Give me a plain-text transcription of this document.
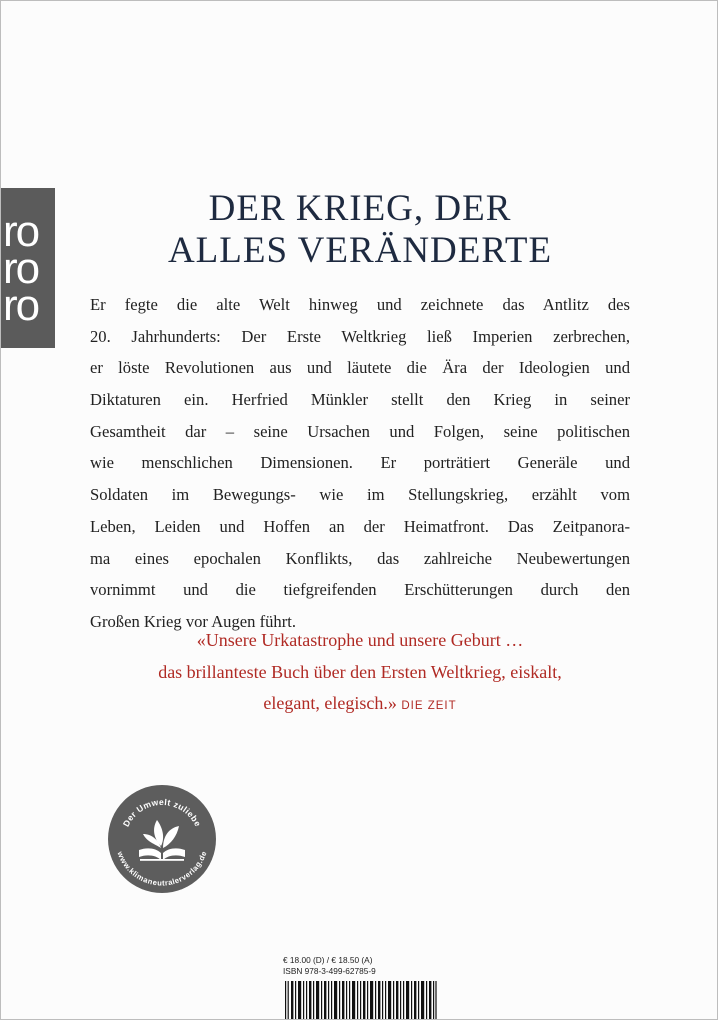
ro
ro
ro
DER KRIEG, DER
ALLES VERÄNDERTE

Er fegte die alte Welt hinweg und zeichnete das Antlitz des
20. Jahrhunderts: Der Erste Weltkrieg ließ Imperien zerbrechen,
er löste Revolutionen aus und läutete die Ära der Ideologien und
Diktaturen ein. Herfried Münkler stellt den Krieg in seiner
Gesamtheit dar – seine Ursachen und Folgen, seine politischen
wie menschlichen Dimensionen. Er porträtiert Generäle und
Soldaten im Bewegungs- wie im Stellungskrieg, erzählt vom
Leben, Leiden und Hoffen an der Heimatfront. Das Zeitpanora-
ma eines epochalen Konflikts, das zahlreiche Neubewertungen
vornimmt und die tiefgreifenden Erschütterungen durch den
Großen Krieg vor Augen führt.

«Unsere Urkatastrophe und unsere Geburt …
das brillanteste Buch über den Ersten Weltkrieg, eiskalt,
elegant, elegisch.» DIE ZEIT
Der Umwelt zuliebe
www.klimaneutralerverlag.de
€ 18.00 (D) / € 18.50 (A)
ISBN 978-3-499-62785-9
